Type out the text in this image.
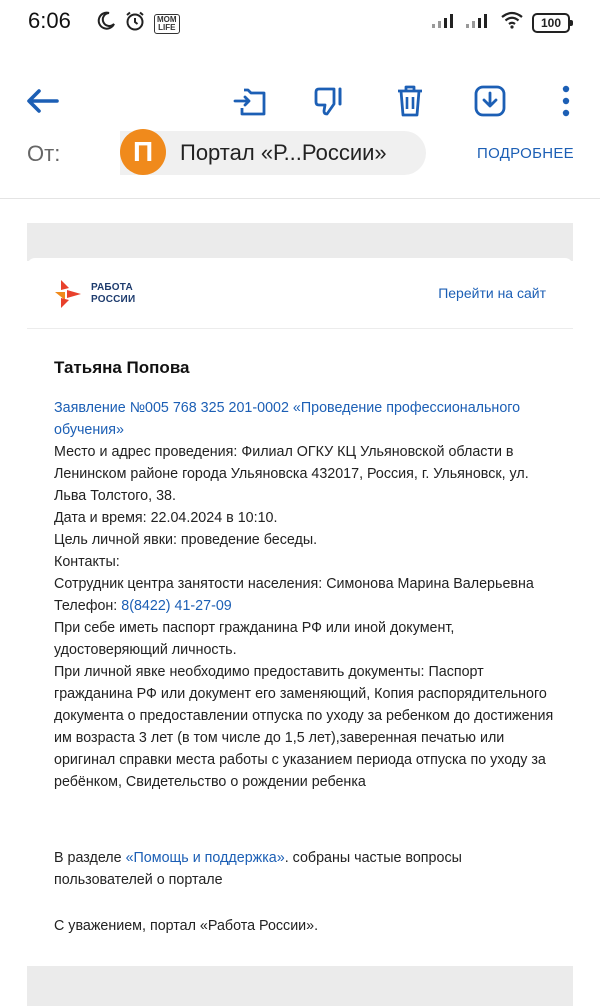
6:06	MOM
LIFE	100
От:	П	Портал «Р...России»	ПОДРОБНЕЕ
РАБОТА
РОССИИ	Перейти на сайт
Татьяна Попова

Заявление №005 768 325 201-0002 «Проведение профессионального обучения»

Место и адрес проведения: Филиал ОГКУ КЦ Ульяновской области в Ленинском районе города Ульяновска 432017, Россия, г. Ульяновск, ул. Льва Толстого, 38.

Дата и время: 22.04.2024 в 10:10.

Цель личной явки: проведение беседы.

Контакты:

Сотрудник центра занятости населения: Симонова Марина Валерьевна

Телефон: 8(8422) 41-27-09

При себе иметь паспорт гражданина РФ или иной документ, удостоверяющий личность.

При личной явке необходимо предоставить документы: Паспорт гражданина РФ или документ его заменяющий, Копия распорядительного документа о предоставлении отпуска по уходу за ребенком до достижения им возраста 3 лет (в том числе до 1,5 лет),заверенная печатью или оригинал справки места работы с указанием периода отпуска по уходу за ребёнком, Свидетельство о рождении ребенка

В разделе «Помощь и поддержка». собраны частые вопросы пользователей о портале
С уважением, портал «Работа России».
